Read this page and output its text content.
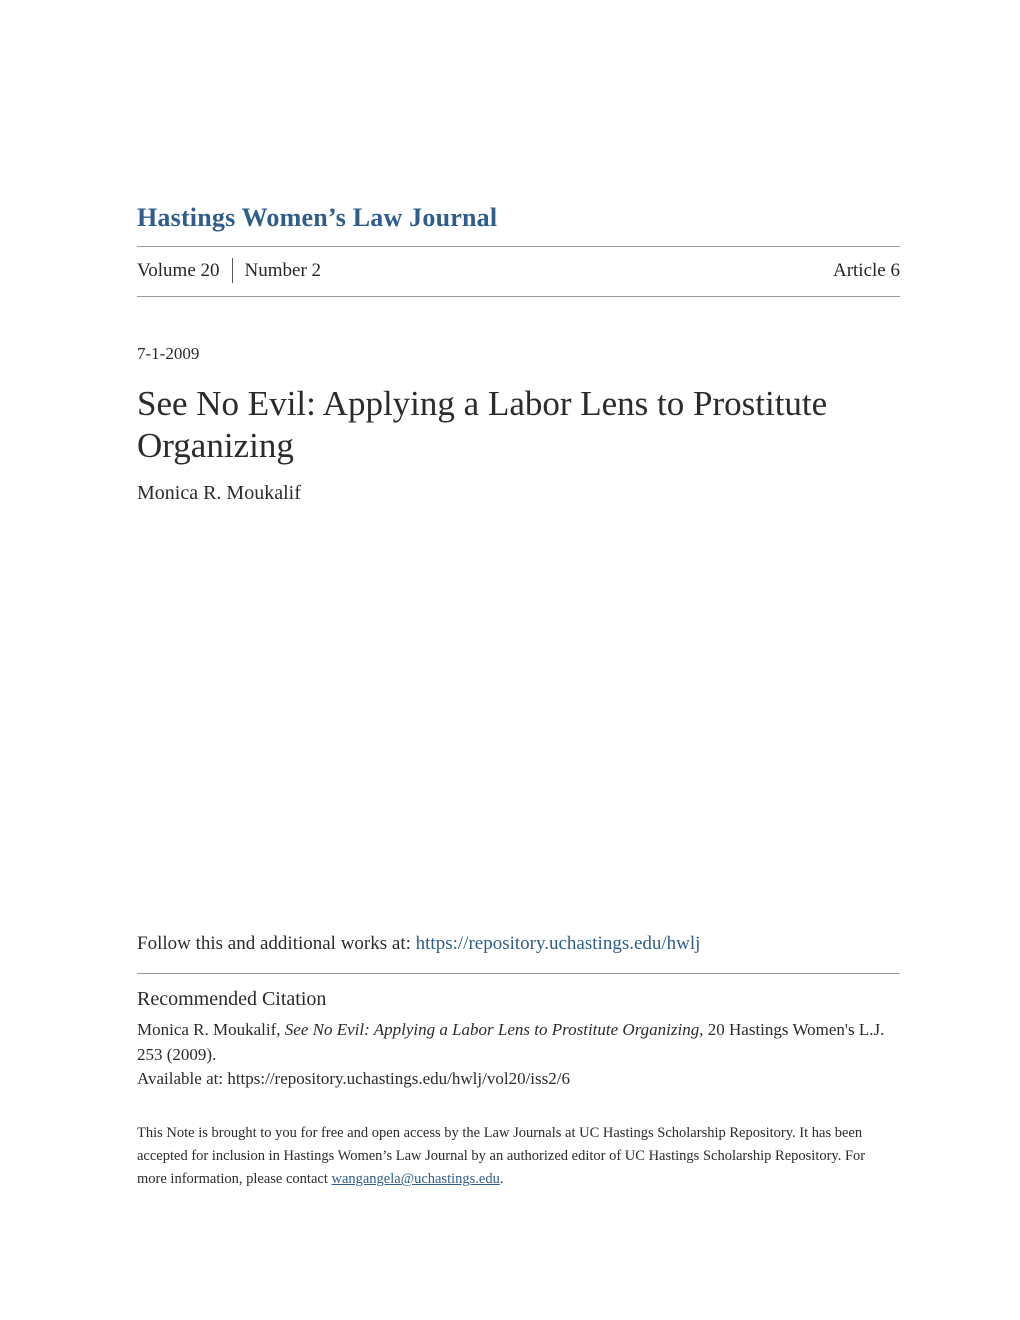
Hastings Women’s Law Journal
Volume 20 Number 2	Article 6
7-1-2009
See No Evil: Applying a Labor Lens to Prostitute Organizing
Monica R. Moukalif

Follow this and additional works at: https://repository.uchastings.edu/hwlj

Recommended Citation

Monica R. Moukalif, See No Evil: Applying a Labor Lens to Prostitute Organizing, 20 Hastings Women's L.J. 253 (2009).
Available at: https://repository.uchastings.edu/hwlj/vol20/iss2/6

This Note is brought to you for free and open access by the Law Journals at UC Hastings Scholarship Repository. It has been accepted for inclusion in Hastings Women’s Law Journal by an authorized editor of UC Hastings Scholarship Repository. For more information, please contact wangangela@uchastings.edu.
